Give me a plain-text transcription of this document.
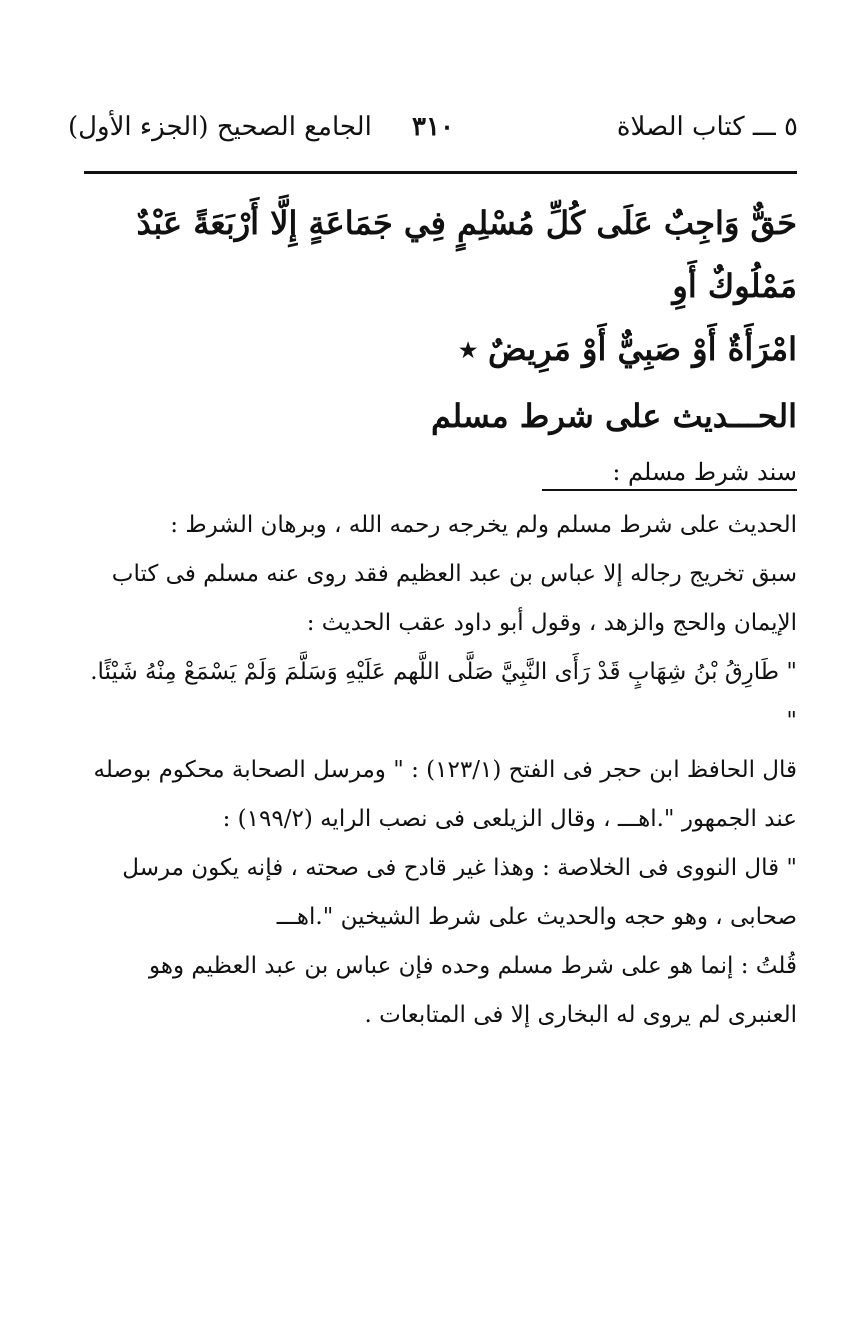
٥ ـــ كتاب الصلاة
٣١٠
الجامع الصحيح (الجزء الأول)

حَقٌّ وَاجِبٌ عَلَى كُلِّ مُسْلِمٍ فِي جَمَاعَةٍ إِلَّا أَرْبَعَةً عَبْدٌ مَمْلُوكٌ أَوِ

امْرَأَةٌ أَوْ صَبِيٌّ أَوْ مَرِيضٌ ٭

الحـــديث على شرط مسلم

سند شرط مسلم :

الحديث على شرط مسلم ولم يخرجه رحمه الله ، وبرهان الشرط :

سبق تخريج رجاله إلا عباس بن عبد العظيم فقد روى عنه مسلم فى كتاب الإيمان والحج والزهد ، وقول أبو داود عقب الحديث :

" طَارِقُ بْنُ شِهَابٍ قَدْ رَأَى النَّبِيَّ صَلَّى اللَّهم عَلَيْهِ وَسَلَّمَ وَلَمْ يَسْمَعْ مِنْهُ شَيْئًا. "

قال الحافظ ابن حجر فى الفتح (١٢٣/١) : " ومرسل الصحابة محكوم بوصله عند الجمهور ".اهـــ ، وقال الزيلعى فى نصب الرايه (١٩٩/٢) :

" قال النووى فى الخلاصة : وهذا غير قادح فى صحته ، فإنه يكون مرسل صحابى ، وهو حجه والحديث على شرط الشيخين ".اهـــ

قُلتُ : إنما هو على شرط مسلم وحده فإن عباس بن عبد العظيم وهو العنبرى لم يروى له البخارى إلا فى المتابعات .
